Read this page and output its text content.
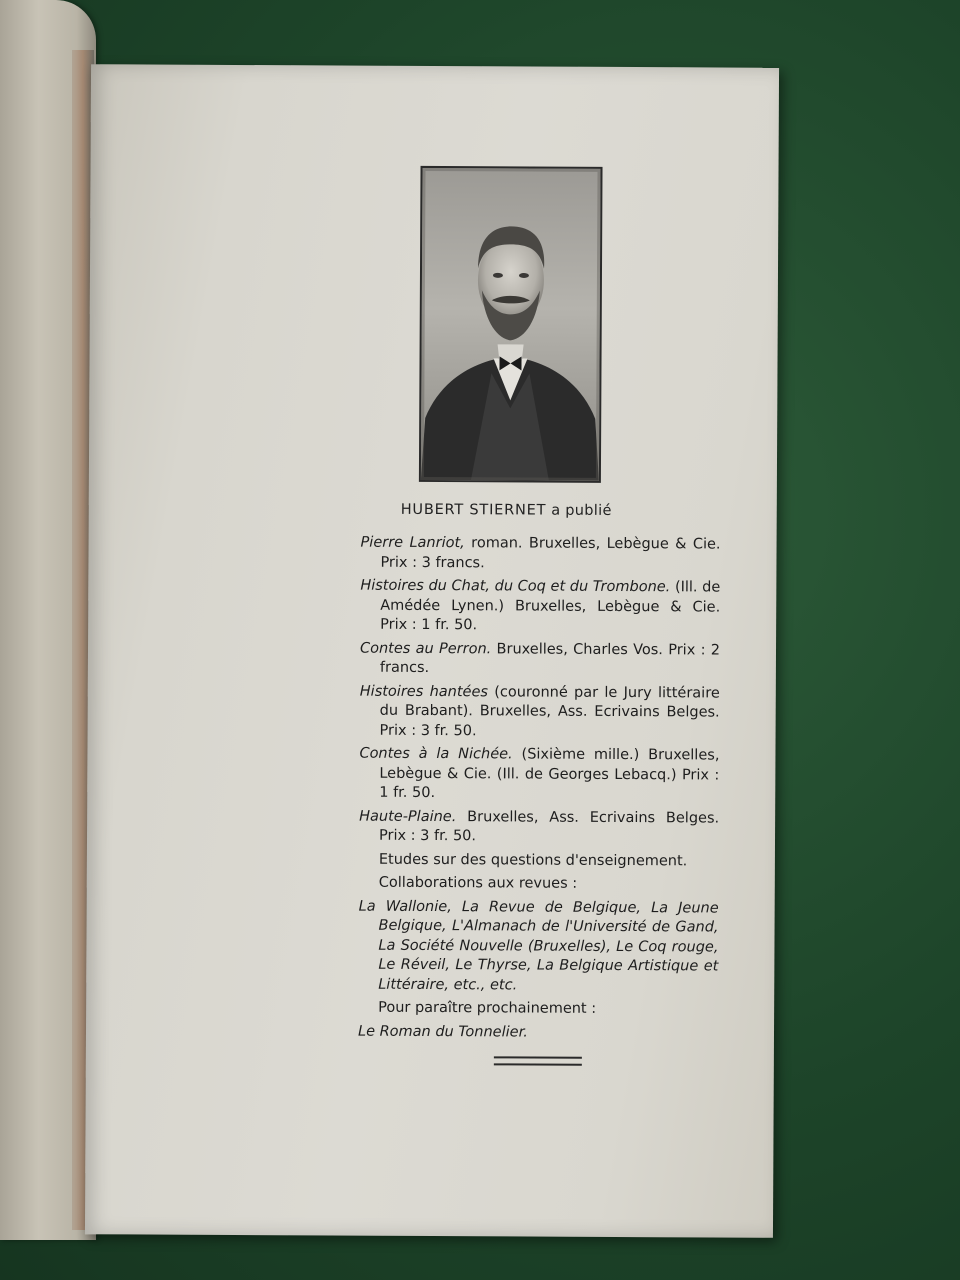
HUBERT STIERNET a publié
Pierre Lanriot, roman. Bruxelles, Lebègue & Cie. Prix : 3 francs.
Histoires du Chat, du Coq et du Trombone. (Ill. de Amédée Lynen.) Bruxelles, Lebègue & Cie. Prix : 1 fr. 50.
Contes au Perron. Bruxelles, Charles Vos. Prix : 2 francs.
Histoires hantées (couronné par le Jury littéraire du Brabant). Bruxelles, Ass. Ecrivains Belges. Prix : 3 fr. 50.
Contes à la Nichée. (Sixième mille.) Bruxelles, Lebègue & Cie. (Ill. de Georges Lebacq.) Prix : 1 fr. 50.
Haute-Plaine. Bruxelles, Ass. Ecrivains Belges. Prix : 3 fr. 50.
Etudes sur des questions d'enseignement.
Collaborations aux revues :
La Wallonie, La Revue de Belgique, La Jeune Belgique, L'Almanach de l'Université de Gand, La Société Nouvelle (Bruxelles), Le Coq rouge, Le Réveil, Le Thyrse, La Belgique Artistique et Littéraire, etc., etc.
Pour paraître prochainement :
Le Roman du Tonnelier.
